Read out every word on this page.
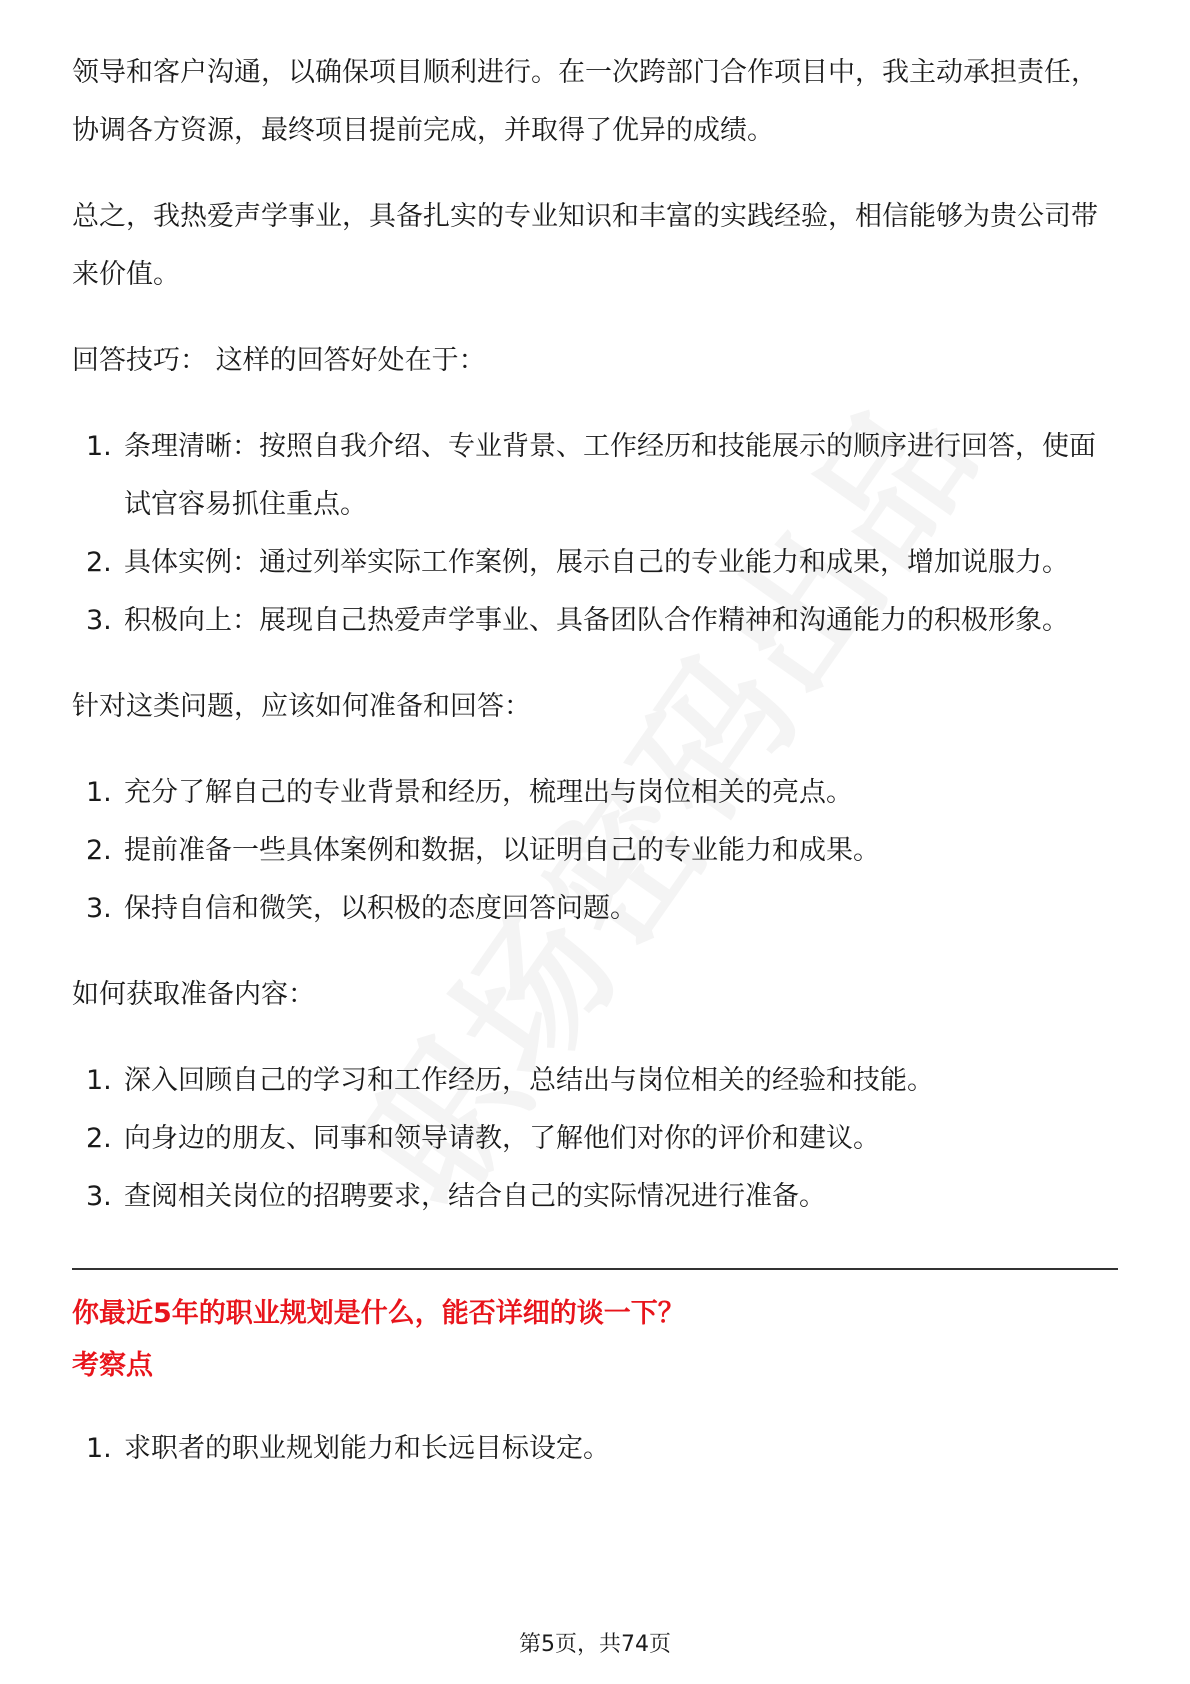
领导和客户沟通，以确保项目顺利进行。在一次跨部门合作项目中，我主动承担责任，协调各方资源，最终项目提前完成，并取得了优异的成绩。

总之，我热爱声学事业，具备扎实的专业知识和丰富的实践经验，相信能够为贵公司带来价值。

回答技巧： 这样的回答好处在于：

1. 条理清晰：按照自我介绍、专业背景、工作经历和技能展示的顺序进行回答，使面试官容易抓住重点。
2. 具体实例：通过列举实际工作案例，展示自己的专业能力和成果，增加说服力。
3. 积极向上：展现自己热爱声学事业、具备团队合作精神和沟通能力的积极形象。

针对这类问题，应该如何准备和回答：

1. 充分了解自己的专业背景和经历，梳理出与岗位相关的亮点。
2. 提前准备一些具体案例和数据，以证明自己的专业能力和成果。
3. 保持自信和微笑，以积极的态度回答问题。

如何获取准备内容：

1. 深入回顾自己的学习和工作经历，总结出与岗位相关的经验和技能。
2. 向身边的朋友、同事和领导请教，了解他们对你的评价和建议。
3. 查阅相关岗位的招聘要求，结合自己的实际情况进行准备。

你最近5年的职业规划是什么，能否详细的谈一下？

考察点

1. 求职者的职业规划能力和长远目标设定。
第5页，共74页
